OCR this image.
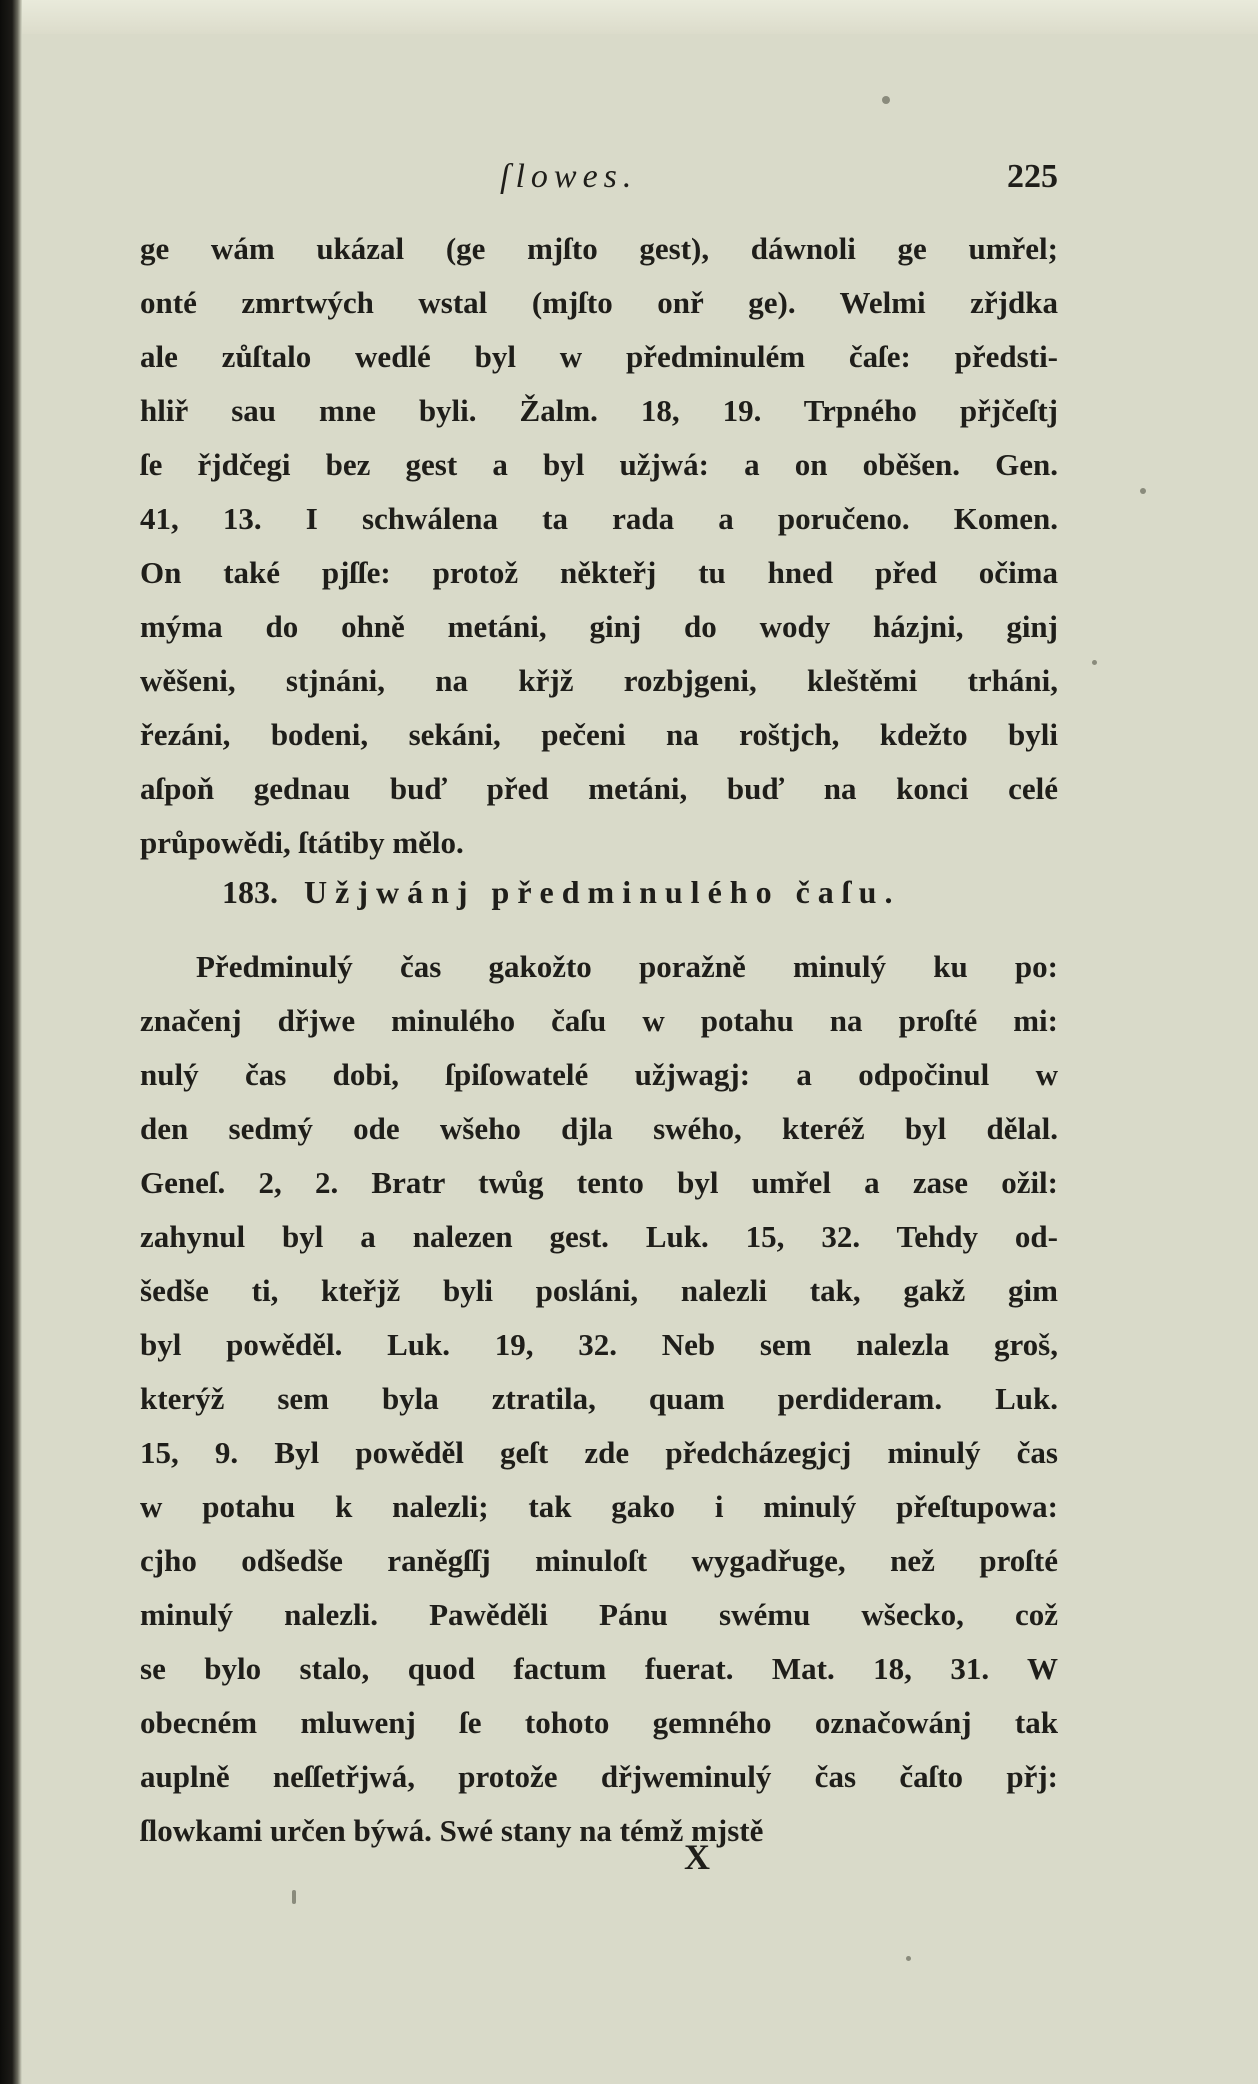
ſlowes.	225
ge wám ukázal (ge mjſto gest), dáwnoli ge umřel;
onté zmrtwých wstal (mjſto onř ge). Welmi zřjdka
ale zůſtalo wedlé byl w předminulém čaſe: předsti-
hliř sau mne byli. Žalm. 18, 19. Trpného přjčeſtj
ſe řjdčegi bez gest a byl užjwá: a on oběšen. Gen.
41, 13. I schwálena ta rada a poručeno. Komen.
On také pjſſe: protož někteřj tu hned před očima
mýma do ohně metáni, ginj do wody házjni, ginj
wěšeni, stjnáni, na křjž rozbjgeni, kleštěmi trháni,
řezáni, bodeni, sekáni, pečeni na roštjch, kdežto byli
aſpoň gednau buď před metáni, buď na konci celé
průpowědi, ſtátiby mělo.
183. Užjwánj předminulého čaſu.
Předminulý čas gakožto poražně minulý ku po:
značenj dřjwe minulého čaſu w potahu na proſté mi:
nulý čas dobi, ſpiſowatelé užjwagj: a odpočinul w
den sedmý ode wšeho djla swého, kteréž byl dělal.
Geneſ. 2, 2. Bratr twůg tento byl umřel a zase ožil:
zahynul byl a nalezen gest. Luk. 15, 32. Tehdy od-
šedše ti, kteřjž byli posláni, nalezli tak, gakž gim
byl powěděl. Luk. 19, 32. Neb sem nalezla groš,
kterýž sem byla ztratila, quam perdideram. Luk.
15, 9. Byl powěděl geſt zde předcházegjcj minulý čas
w potahu k nalezli; tak gako i minulý přeſtupowa:
cjho odšedše raněgſſj minuloſt wygadřuge, než proſté
minulý nalezli. Pawěděli Pánu swému wšecko, což
se bylo stalo, quod factum fuerat. Mat. 18, 31. W
obecném mluwenj ſe tohoto gemného označowánj tak
auplně neſſetřjwá, protože dřjweminulý čas čaſto přj:
ſlowkami určen býwá. Swé stany na témž mjstě
X
